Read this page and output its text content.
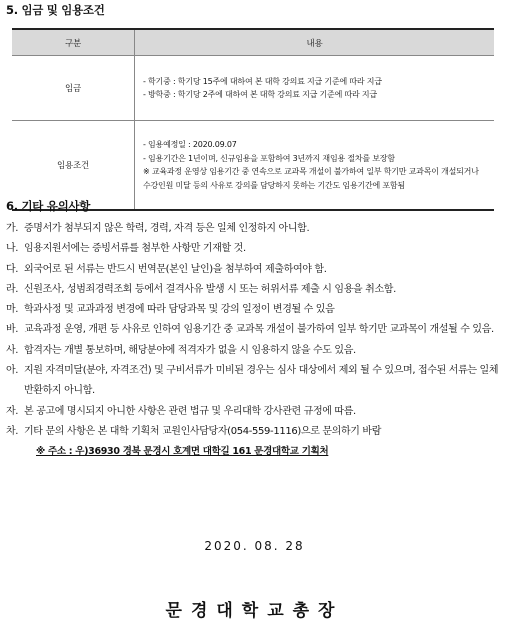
5. 임금 및 임용조건
구분	내용
임금	- 학기중 : 학기당 15주에 대하여 본 대학 강의료 지급 기준에 따라 지급
- 방학중 : 학기당 2주에 대하여 본 대학 강의료 지급 기준에 따라 지급

임용조건	- 임용예정일 : 2020.09.07
- 임용기간은 1년이며, 신규임용을 포함하여 3년까지 재임용 절차를 보장함
※ 교육과정 운영상 임용기간 중 연속으로 교과목 개설이 불가하여 일부 학기만 교과목이 개설되거나 수강인원 미달 등의 사유로 강의를 담당하지 못하는 기간도 임용기간에 포함됨
6. 기타 유의사항
가. 증명서가 첨부되지 않은 학력, 경력, 자격 등은 일체 인정하지 아니함.
나. 임용지원서에는 증빙서류를 첨부한 사항만 기재할 것.
다. 외국어로 된 서류는 반드시 번역문(본인 날인)을 첨부하여 제출하여야 함.
라. 신원조사, 성범죄경력조회 등에서 결격사유 발생 시 또는 허위서류 제출 시 임용을 취소함.
마. 학과사정 및 교과과정 변경에 따라 담당과목 및 강의 일정이 변경될 수 있음
바. 교육과정 운영, 개편 등 사유로 인하여 임용기간 중 교과목 개설이 불가하여 일부 학기만 교과목이 개설될 수 있음.
사. 합격자는 개별 통보하며, 해당분야에 적격자가 없을 시 임용하지 않을 수도 있음.
아. 지원 자격미달(분야, 자격조건) 및 구비서류가 미비된 경우는 심사 대상에서 제외 될 수 있으며, 접수된 서류는 일체 반환하지 아니함.
자. 본 공고에 명시되지 아니한 사항은 관련 법규 및 우리대학 강사관련 규정에 따름.
차. 기타 문의 사항은 본 대학 기획처 교원인사담당자(054-559-1116)으로 문의하기 바람
※ 주소 : 우)36930 경북 문경시 호계면 대학길 161 문경대학교 기획처
2020. 08. 28
문경대학교총장
